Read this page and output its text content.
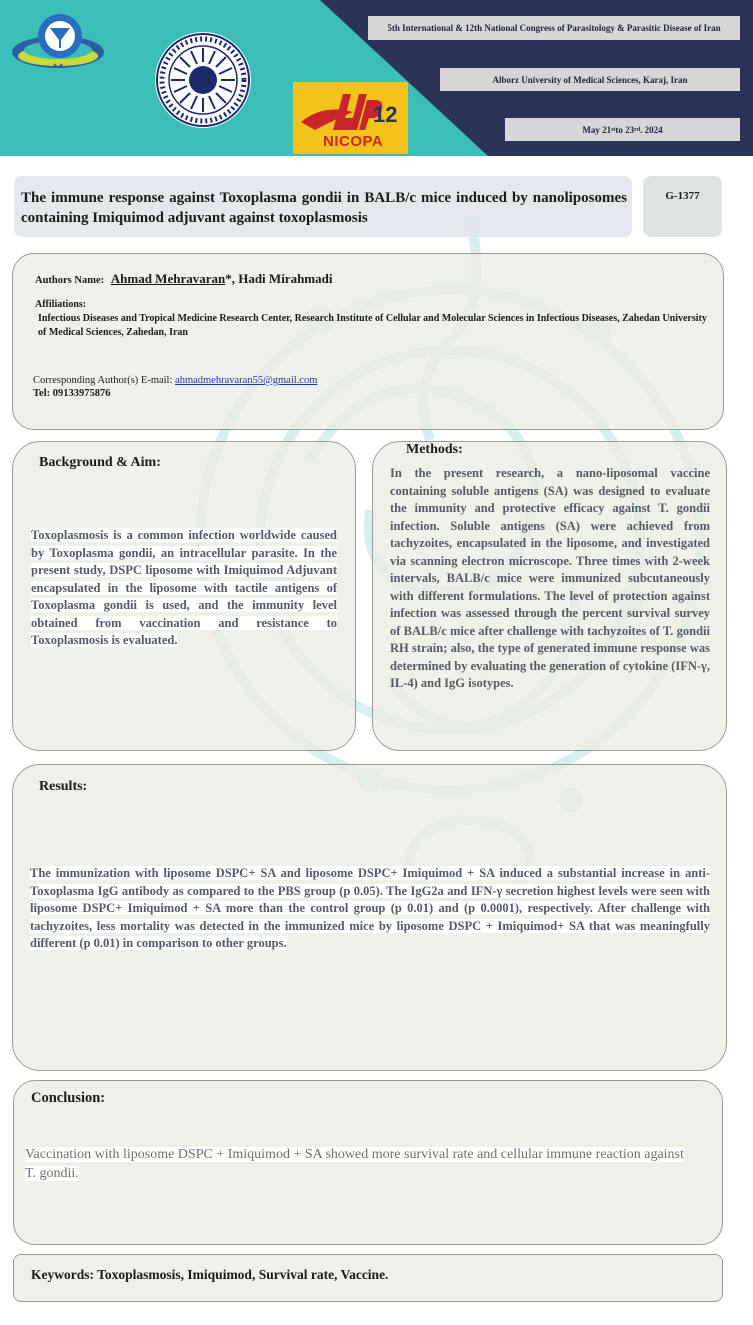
12
NICOPA
5th International & 12th National Congress of Parasitology & Parasitic Disease of Iran
Alborz University of Medical Sciences, Karaj, Iran
May 21 st to 23 rd . 2024
The immune response against Toxoplasma gondii in BALB/c mice induced by nanoliposomes containing Imiquimod adjuvant against toxoplasmosis
G-1377
Authors Name: Ahmad Mehravaran*, Hadi Mirahmadi
Affiliations:
Infectious Diseases and Tropical Medicine Research Center, Research Institute of Cellular and Molecular Sciences in Infectious Diseases, Zahedan University of Medical Sciences, Zahedan, Iran
Corresponding Author(s) E-mail: ahmadmehravaran55@gmail.com
Tel: 09133975876
Background & Aim:
Toxoplasmosis is a common infection worldwide caused by Toxoplasma gondii, an intracellular parasite. In the present study, DSPC liposome with Imiquimod Adjuvant encapsulated in the liposome with tactile antigens of Toxoplasma gondii is used, and the immunity level obtained from vaccination and resistance to Toxoplasmosis is evaluated.
Methods:
In the present research, a nano-liposomal vaccine containing soluble antigens (SA) was designed to evaluate the immunity and protective efficacy against T. gondii infection. Soluble antigens (SA) were achieved from tachyzoites, encapsulated in the liposome, and investigated via scanning electron microscope. Three times with 2-week intervals, BALB/c mice were immunized subcutaneously with different formulations. The level of protection against infection was assessed through the percent survival survey of BALB/c mice after challenge with tachyzoites of T. gondii RH strain; also, the type of generated immune response was determined by evaluating the generation of cytokine (IFN-γ, IL-4) and IgG isotypes.
Results:
The immunization with liposome DSPC+ SA and liposome DSPC+ Imiquimod + SA induced a substantial increase in anti-Toxoplasma IgG antibody as compared to the PBS group (p 0.05). The IgG2a and IFN-γ secretion highest levels were seen with liposome DSPC+ Imiquimod + SA more than the control group (p 0.01) and (p 0.0001), respectively. After challenge with tachyzoites, less mortality was detected in the immunized mice by liposome DSPC + Imiquimod+ SA that was meaningfully different (p 0.01) in comparison to other groups.
Conclusion:
Vaccination with liposome DSPC + Imiquimod + SA showed more survival rate and cellular immune reaction against T. gondii.
Keywords: Toxoplasmosis, Imiquimod, Survival rate, Vaccine.
